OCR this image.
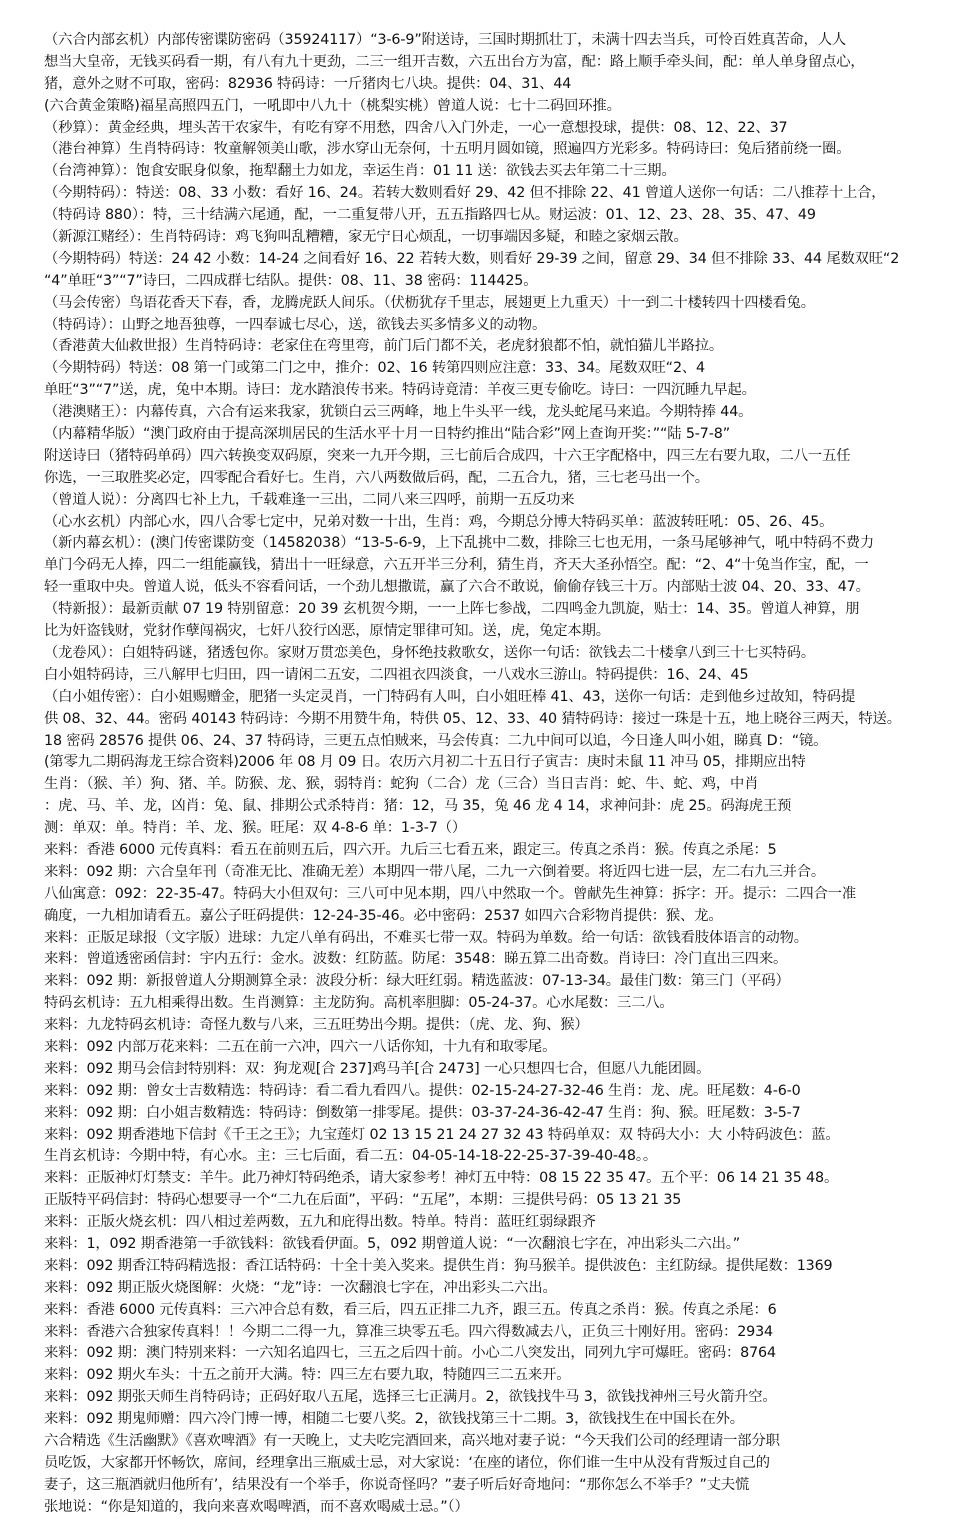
（六合内部玄机）内部传密谍防密码（35924117）“3-6-9”附送诗，三国时期抓壮丁，未满十四去当兵，可怜百姓真苦命，人人
想当大皇帝，无钱买码看一期，有八有九十更劲，二三一组开吉数，六五出台方为富，配：路上顺手牵头间，配：单人单身留点心，
猪，意外之财不可取，密码：82936 特码诗：一斤猪肉七八块。提供：04、31、44
(六合黄金策略)福星高照四五门，一吼即中八九十（桃梨实桃）曾道人说：七十二码回环推。
（秒算）：黄金经典，埋头苦干农家牛，有吃有穿不用愁，四舍八入门外走，一心一意想投球，提供：08、12、22、37
（港台神算）生肖特码诗：牧童解领美山歌，涉水穿山无奈何，十五明月圆如镜，照遍四方光彩多。特码诗曰：兔后猪前绕一圈。
（台湾神算）：饱食安眠身似象，拖犁翻土力如龙，幸运生肖：01 11 送：欲钱去买去年第二十三期。
（今期特码）：特送：08、33 小数：看好 16、24。若转大数则看好 29、42 但不排除 22、41 曾道人送你一句话：二八推荐十上合，
（特码诗 880）：特，三十结满六尾通，配，一二重复带八开，五五指路四七从。财运波：01、12、23、28、35、47、49
（新源江赌经）：生肖特码诗：鸡飞狗叫乱糟糟，家无宁日心烦乱，一切事端因多疑，和睦之家烟云散。
（今期特码）特送：24 42 小数：14-24 之间看好 16、22 若转大数，则看好 29-39 之间，留意 29、34 但不排除 33、44 尾数双旺“2
“4”单旺“3”“7”诗曰，二四成群七结队。提供：08、11、38 密码：114425。
（马会传密）鸟语花香天下春，香，龙腾虎跃人间乐。（伏枥犹存千里志，展翅更上九重天）十一到二十楼转四十四楼看兔。
（特码诗）：山野之地吾独尊，一四奉诚七尽心，送，欲钱去买多情多义的动物。
（香港黄大仙救世报）生肖特码诗：老家住在弯里弯，前门后门都不关，老虎豺狼都不怕，就怕猫儿半路拉。
（今期特码）特送：08 第一门或第二门之中，推介：02、16 转第四则应注意：33、34。尾数双旺“2、4
单旺“3”“7”送，虎，兔中本期。诗曰：龙水踏浪传书来。特码诗竟清：羊夜三更专偷吃。诗曰：一四沉睡九早起。
（港澳赌王）：内幕传真，六合有运来我家，犹锁白云三两峰，地上牛头平一线，龙头蛇尾马来追。今期特捧 44。
（内幕精华版）“澳门政府由于提高深圳居民的生活水平十月一日特约推出“陆合彩”网上查询开奖：”“陆 5-7-8”
附送诗曰（猪特码单码）四六转换变双码原，突来一九开今期，三七前后合成四，十六王字配格中，四三左右要九取，二八一五任
你选，一三取胜奖必定，四零配合看好七。生肖，六八两数做后码，配，二五合九，猪，三七老马出一个。
（曾道人说）：分离四七补上九，千载难逢一三出，二同八来三四呼，前期一五反功来
（心水玄机）内部心水，四八合零七定中，兄弟对数一十出，生肖：鸡，今期总分博大特码买单：蓝波转旺吼：05、26、45。
（新内幕玄机）：(澳门传密谍防变（14582038）“13-5-6-9，上下乱挑中二数，排除三七也无用，一条马尾够神气，吼中特码不费力
单门今码无人捧，四二一组能赢钱，猜出十一旺绿意，六五开半三分利，猜生肖，齐天大圣孙悟空。配：“2、4“十兔当作宝，配，一
轻一重取中央。曾道人说，低头不容看问话，一个劲儿想撒谎，赢了六合不敢说，偷偷存钱三十万。内部贴士波 04、20、33、47。
（特新报）：最新贡献 07 19 特别留意：20 39 玄机贺今期，一一上阵七参战，二四鸣金九凯旋，贴士：14、35。曾道人神算，朋
比为奸盗钱财，党豺作孽闯祸灾，七奸八狡行凶恶，原情定罪律可知。送，虎，兔定本期。
（龙卷风）：白姐特码谜，猪透包你。家财万贯恋美色，身怀绝技救歌女，送你一句话：欲钱去二十楼拿八到三十七买特码。
白小姐特码诗，三八解甲七归田，四一请闲二五安，二四祖衣四淡食，一八戏水三游山。特码提供：16、24、45
（白小姐传密）：白小姐赐赠金，肥猪一头定灵肖，一门特码有人叫，白小姐旺棒 41、43，送你一句话：走到他乡过故知，特码提
供 08、32、44。密码 40143 特码诗：今期不用赞牛角，特供 05、12、33、40 猜特码诗：接过一珠是十五，地上晓谷三两天，特送。
18 密码 28576 提供 06、24、37 特码诗，三更五点怕贼来，马会传真：二九中间可以追，今日逢人叫小姐，睇真 D：“镜。
(第零九二期码海龙王综合资料)2006 年 08 月 09 日。农历六月初二十五日行子寅吉：庚时未鼠 11 冲马 05，排期应出特
生肖：（猴、羊）狗、猪、羊。防猴、龙、猴，弱特肖：蛇狗（二合）龙（三合）当日吉肖：蛇、牛、蛇、鸡，中肖
：虎、马、羊、龙，凶肖：兔、鼠、排期公式杀特肖：猪：12，马 35，兔 46 龙 4 14，求神问卦：虎 25。码海虎王预
测：单双：单。特肖：羊、龙、猴。旺尾：双 4-8-6 单：1-3-7（）
来料：香港 6000 元传真料：看五在前则五后，四六开。九后三七看五来，跟定三。传真之杀肖：猴。传真之杀尾：5
来料：092 期：六合皇年刊（奇准无比、准确无差）本期四一带八尾，二九一六倒着要。将近四七进一层，左二右九三并合。
八仙寓意：092：22-35-47。特码大小但双句：三八可中见本期，四八中然取一个。曾献先生神算：拆字：开。提示：二四合一准
确度，一九相加请看五。嘉公子旺码提供：12-24-35-46。必中密码：2537 如四六合彩物肖提供：猴、龙。
来料：正版足球报（文字版）进球：九定八单有码出，不难买七带一双。特码为单数。给一句话：欲钱看肢体语言的动物。
来料：曾道透密函信封：宇内五行：金水。波数：红防蓝。防尾：3548：睇五算二出奇数。肖诗曰：冷门直出三四来。
来料：092 期：新报曾道人分期测算全录：波段分析：绿大旺红弱。精选蓝波：07-13-34。最佳门数：第三门（平码）
特码玄机诗：五九相乘得出数。生肖测算：主龙防狗。高机率胆脚：05-24-37。心水尾数：三二八。
来料：九龙特码玄机诗：奇怪九数与八来，三五旺势出今期。提供：（虎、龙、狗、猴）
来料：092 内部万花来料：二五在前一六冲，四六一八话你知，十九有和取零尾。
来料：092 期马会信封特别料：双：狗龙观[合 237]鸡马羊[合 2473] 一心只想四七合，但愿八九能团圆。
来料：092 期：曾女士吉数精选：特码诗：看二看九看四八。提供：02-15-24-27-32-46 生肖：龙、虎。旺尾数：4-6-0
来料：092 期：白小姐吉数精选：特码诗：倒数第一排零尾。提供：03-37-24-36-42-47 生肖：狗、猴。旺尾数：3-5-7
来料：092 期香港地下信封《千王之王》；九宝莲灯 02 13 15 21 24 27 32 43 特码单双：双 特码大小：大 小特码波色：蓝。
生肖玄机诗：今期中特，有心水。主：三七后面，看二五：04-05-14-18-22-25-37-39-40-48。。
来料：正版神灯灯禁支：羊牛。此乃神灯特码绝杀，请大家参考！神灯五中特：08 15 22 35 47。五个平：06 14 21 35 48。
正版特平码信封：特码心想要寻一个“二九在后面”，平码：“五尾”，本期：三提供号码：05 13 21 35
来料：正版火烧玄机：四八相过差两数，五九和庇得出数。特单。特肖：蓝旺红弱绿跟齐
来料：1，092 期香港第一手欲钱料：欲钱看伊面。5，092 期曾道人说：“一次翻浪七字在，冲出彩头二六出。”
来料：092 期香江特码精选报：香江话特码：十全十美入奖来。提供生肖：狗马猴羊。提供波色：主红防绿。提供尾数：1369
来料：092 期正版火烧图解：火烧：“龙”诗：一次翻浪七字在，冲出彩头二六出。
来料：香港 6000 元传真料：三六冲合总有数，看三后，四五正排二九齐，跟三五。传真之杀肖：猴。传真之杀尾：6
来料：香港六合独家传真料！！今期二二得一九，算准三块零五毛。四六得数减去八，正负三十刚好用。密码：2934
来料：092 期：澳门特别来料：一六知名追四七，三五之后四十前。小心二八突发出，同列九宇可爆旺。密码：8764
来料：092 期火车头：十五之前开大满。特：四三左右要九取，特随四三二五来开。
来料：092 期张天师生肖特码诗；正码好取八五尾，选择三七正满月。2，欲钱找牛马 3，欲钱找神州三号火箭升空。
来料：092 期鬼师赠：四六冷门博一博，相随二七要八奖。2，欲钱找第三十二期。3，欲钱找生在中国长在外。
六合精选《生活幽默》《喜欢啤酒》有一天晚上，丈夫吃完酒回来，高兴地对妻子说：“今天我们公司的经理请一部分职
员吃饭，大家都开怀畅饮，席间，经理拿出三瓶威士忌，对大家说：‘在座的诸位，你们谁一生中从没有背叛过自己的
妻子，这三瓶酒就归他所有’，结果没有一个举手，你说奇怪吗？”妻子听后好奇地问：“那你怎么不举手？”丈夫慌
张地说：“你是知道的，我向来喜欢喝啤酒，而不喜欢喝威士忌。”（）
